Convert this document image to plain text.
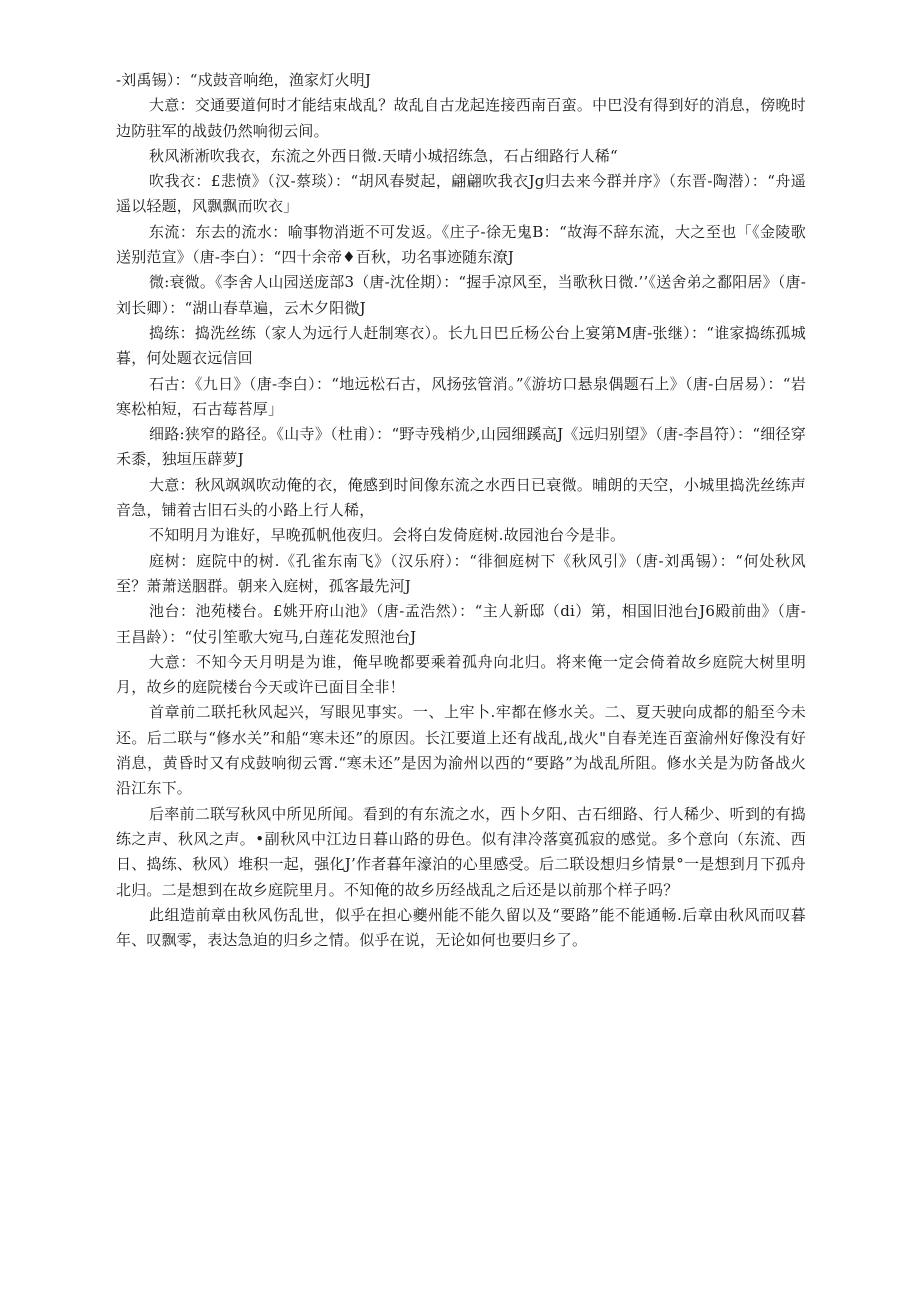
-刘禹锡）：“戍鼓音响绝，渔家灯火明J

大意：交通要道何时才能结束战乱？故乱自古龙起连接西南百蛮。中巴没有得到好的消息，傍晚时边防驻军的战鼓仍然响彻云间。

秋风淅淅吹我衣，东流之外西日微.天晴小城招练急，石占细路行人稀“

吹我衣：£悲愤》（汉-蔡琰）：“胡风春熨起，翩翩吹我衣Jg归去来今群并序》（东晋-陶潜）：“舟遥遥以轻题，风飘飘而吹衣」

东流：东去的流水：喻事物消逝不可发返。《庄子-徐无鬼B：“故海不辞东流，大之至也「《金陵歌送别范宣》（唐-李白）：“四十余帝♦百秋，功名事迹随东潦J

微:衰微。《李舍人山园送庞部3（唐-沈佺期）：“握手凉风至，当歌秋日微.’’《送舍弟之鄱阳居》（唐-刘长卿）：“湖山春草遍，云木夕阳微J

捣练：捣洗丝练（家人为远行人赶制寒衣）。长九日巴丘杨公台上宴第M唐-张继）：“谁家捣练孤城暮，何处题衣远信回

石古：《九日》（唐-李白）：“地远松石古，风扬弦管消。”《游坊口悬泉偶题石上》（唐-白居易）：“岩寒松柏短，石古莓苔厚」

细路:狭窄的路径。《山寺》（杜甫）：“野寺残梢少,山园细蹊高J《远归别望》（唐-李昌符）：“细径穿禾黍，独垣压薜萝J

大意：秋风飒飒吹动俺的衣，俺感到时间像东流之水西日已衰微。晡朗的天空，小城里捣洗丝练声音急，铺着古旧石头的小路上行人稀，

不知明月为谁好，早晚孤帆他夜归。会将白发倚庭树.故园池台今是非。

庭树：庭院中的树.《孔雀东南飞》（汉乐府）：“徘徊庭树下《秋风引》（唐-刘禹锡）：“何处秋风至？萧萧送胭群。朝来入庭树，孤客最先河J

池台：池苑楼台。£姚开府山池》（唐-孟浩然）：“主人新邸（di）第，相国旧池台J6殿前曲》（唐-王昌龄）：“仗引笙歌大宛马,白莲花发照池台J

大意：不知今天月明是为谁，俺早晚都要乘着孤舟向北归。将来俺一定会倚着故乡庭院大树里明月，故乡的庭院楼台今天或许已面目全非！

首章前二联托秋风起兴，写眼见事实。一、上牢卜.牢都在修水关。二、夏天驶向成都的船至今未还。后二联与“修水关”和船“寒未还”的原因。长江要道上还有战乱,战火"自春羌连百蛮渝州好像没有好消息，黄昏时又有戍鼓响彻云霄.“寒未还”是因为渝州以西的“要路”为战乱所阻。修水关是为防备战火沿江东下。

后率前二联写秋风中所见所闻。看到的有东流之水，西卜夕阳、古石细路、行人稀少、听到的有捣练之声、秋风之声。•副秋风中江边日暮山路的毋色。似有津冷落寞孤寂的感觉。多个意向（东流、西日、捣练、秋风）堆积一起，强化J’作者暮年濠泊的心里感受。后二联设想归乡情景°一是想到月下孤舟北归。二是想到在故乡庭院里月。不知俺的故乡历经战乱之后还是以前那个样子吗？

此组造前章由秋风伤乱世，似乎在担心夔州能不能久留以及“要路”能不能通畅.后章由秋风而叹暮年、叹飘零，表达急迫的归乡之情。似乎在说，无论如何也要归乡了。
